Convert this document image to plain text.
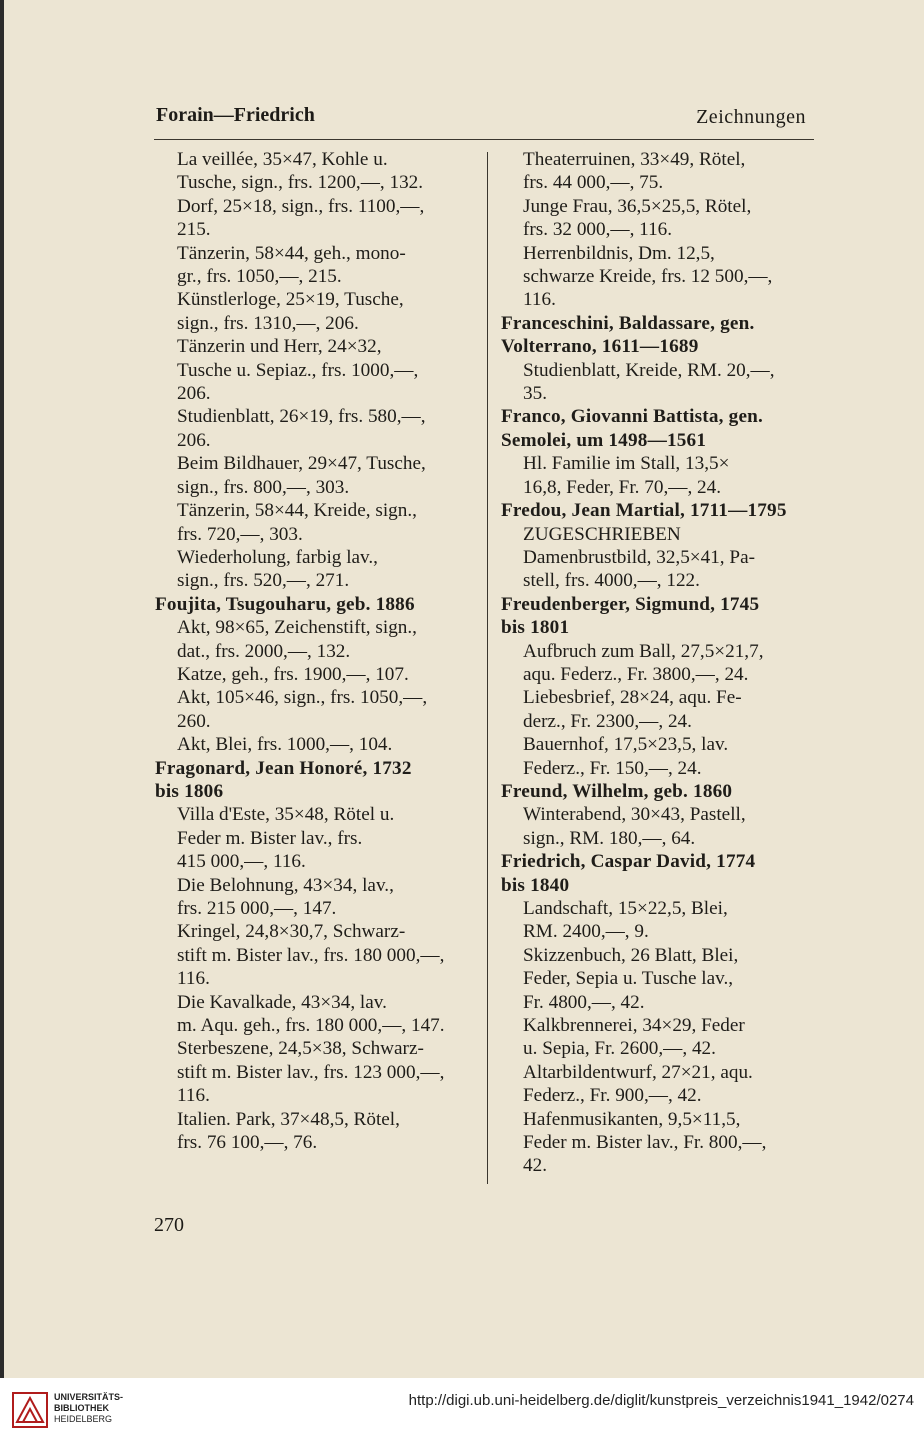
Forain—Friedrich	Zeichnungen
La veillée, 35×47, Kohle u.
Tusche, sign., frs. 1200,—, 132.
Dorf, 25×18, sign., frs. 1100,—,
215.
Tänzerin, 58×44, geh., mono-
gr., frs. 1050,—, 215.
Künstlerloge, 25×19, Tusche,
sign., frs. 1310,—, 206.
Tänzerin und Herr, 24×32,
Tusche u. Sepiaz., frs. 1000,—,
206.
Studienblatt, 26×19, frs. 580,—,
206.
Beim Bildhauer, 29×47, Tusche,
sign., frs. 800,—, 303.
Tänzerin, 58×44, Kreide, sign.,
frs. 720,—, 303.
Wiederholung, farbig lav.,
sign., frs. 520,—, 271.
Foujita, Tsugouharu, geb. 1886
Akt, 98×65, Zeichenstift, sign.,
dat., frs. 2000,—, 132.
Katze, geh., frs. 1900,—, 107.
Akt, 105×46, sign., frs. 1050,—,
260.
Akt, Blei, frs. 1000,—, 104.
Fragonard, Jean Honoré, 1732
bis 1806
Villa d'Este, 35×48, Rötel u.
Feder m. Bister lav., frs.
415 000,—, 116.
Die Belohnung, 43×34, lav.,
frs. 215 000,—, 147.
Kringel, 24,8×30,7, Schwarz-
stift m. Bister lav., frs. 180 000,—,
116.
Die Kavalkade, 43×34, lav.
m. Aqu. geh., frs. 180 000,—, 147.
Sterbeszene, 24,5×38, Schwarz-
stift m. Bister lav., frs. 123 000,—,
116.
Italien. Park, 37×48,5, Rötel,
frs. 76 100,—, 76.
Theaterruinen, 33×49, Rötel,
frs. 44 000,—, 75.
Junge Frau, 36,5×25,5, Rötel,
frs. 32 000,—, 116.
Herrenbildnis, Dm. 12,5,
schwarze Kreide, frs. 12 500,—,
116.
Franceschini, Baldassare, gen.
Volterrano, 1611—1689
Studienblatt, Kreide, RM. 20,—,
35.
Franco, Giovanni Battista, gen.
Semolei, um 1498—1561
Hl. Familie im Stall, 13,5×
16,8, Feder, Fr. 70,—, 24.
Fredou, Jean Martial, 1711—1795
ZUGESCHRIEBEN
Damenbrustbild, 32,5×41, Pa-
stell, frs. 4000,—, 122.
Freudenberger, Sigmund, 1745
bis 1801
Aufbruch zum Ball, 27,5×21,7,
aqu. Federz., Fr. 3800,—, 24.
Liebesbrief, 28×24, aqu. Fe-
derz., Fr. 2300,—, 24.
Bauernhof, 17,5×23,5, lav.
Federz., Fr. 150,—, 24.
Freund, Wilhelm, geb. 1860
Winterabend, 30×43, Pastell,
sign., RM. 180,—, 64.
Friedrich, Caspar David, 1774
bis 1840
Landschaft, 15×22,5, Blei,
RM. 2400,—, 9.
Skizzenbuch, 26 Blatt, Blei,
Feder, Sepia u. Tusche lav.,
Fr. 4800,—, 42.
Kalkbrennerei, 34×29, Feder
u. Sepia, Fr. 2600,—, 42.
Altarbildentwurf, 27×21, aqu.
Federz., Fr. 900,—, 42.
Hafenmusikanten, 9,5×11,5,
Feder m. Bister lav., Fr. 800,—,
42.
270
UNIVERSITÄTS-
BIBLIOTHEK
HEIDELBERG
http://digi.ub.uni-heidelberg.de/diglit/kunstpreis_verzeichnis1941_1942/0274
